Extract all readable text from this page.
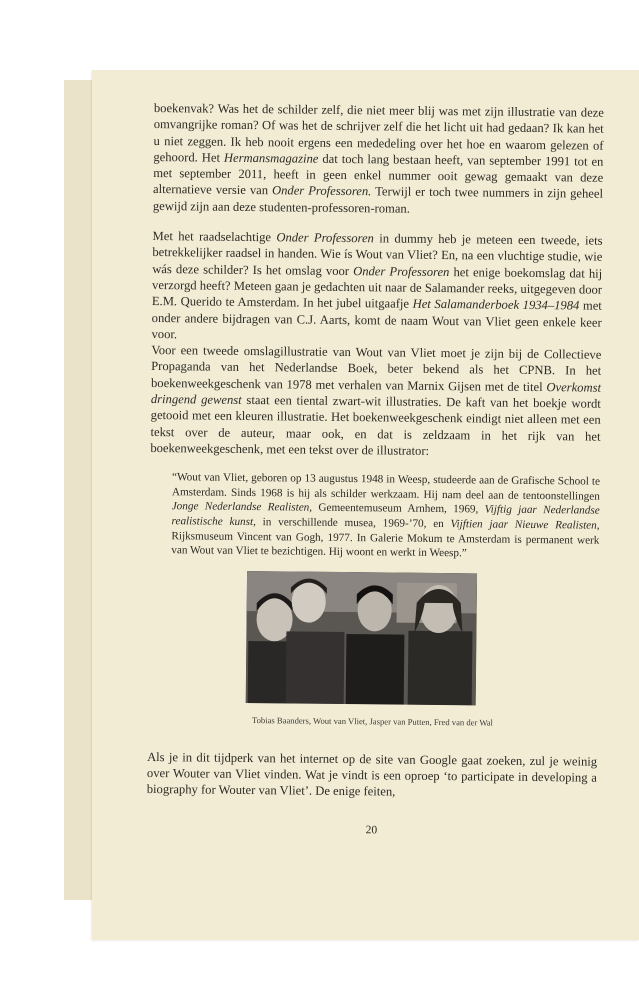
boekenvak? Was het de schilder zelf, die niet meer blij was met zijn illustratie van deze omvangrijke roman? Of was het de schrijver zelf die het licht uit had gedaan? Ik kan het u niet zeggen. Ik heb nooit ergens een mededeling over het hoe en waarom gelezen of gehoord. Het Hermansmagazine dat toch lang bestaan heeft, van september 1991 tot en met september 2011, heeft in geen enkel nummer ooit gewag gemaakt van deze alternatieve versie van Onder Professoren. Terwijl er toch twee nummers in zijn geheel gewijd zijn aan deze studenten-professoren-roman.

Met het raadselachtige Onder Professoren in dummy heb je meteen een tweede, iets betrekkelijker raadsel in handen. Wie ís Wout van Vliet? En, na een vluchtige studie, wie wás deze schilder? Is het omslag voor Onder Professoren het enige boekomslag dat hij verzorgd heeft? Meteen gaan je gedachten uit naar de Salamander reeks, uitgegeven door E.M. Querido te Amsterdam. In het jubel uitgaafje Het Salamanderboek 1934–1984 met onder andere bijdragen van C.J. Aarts, komt de naam Wout van Vliet geen enkele keer voor.

Voor een tweede omslagillustratie van Wout van Vliet moet je zijn bij de Collectieve Propaganda van het Nederlandse Boek, beter bekend als het CPNB. In het boekenweekgeschenk van 1978 met verhalen van Marnix Gijsen met de titel Overkomst dringend gewenst staat een tiental zwart-wit illustraties. De kaft van het boekje wordt getooid met een kleuren illustratie. Het boekenweekgeschenk eindigt niet alleen met een tekst over de auteur, maar ook, en dat is zeldzaam in het rijk van het boekenweekgeschenk, met een tekst over de illustrator:

“Wout van Vliet, geboren op 13 augustus 1948 in Weesp, studeerde aan de Grafische School te Amsterdam. Sinds 1968 is hij als schilder werkzaam. Hij nam deel aan de tentoonstellingen Jonge Nederlandse Realisten, Gemeentemuseum Arnhem, 1969, Vijftig jaar Nederlandse realistische kunst, in verschillende musea, 1969-’70, en Vijftien jaar Nieuwe Realisten, Rijksmuseum Vincent van Gogh, 1977. In Galerie Mokum te Amsterdam is permanent werk van Wout van Vliet te bezichtigen. Hij woont en werkt in Weesp.”

Tobias Baanders, Wout van Vliet, Jasper van Putten, Fred van der Wal

Als je in dit tijdperk van het internet op de site van Google gaat zoeken, zul je weinig over Wouter van Vliet vinden. Wat je vindt is een oproep ‘to participate in developing a biography for Wouter van Vliet’. De enige feiten,

20
